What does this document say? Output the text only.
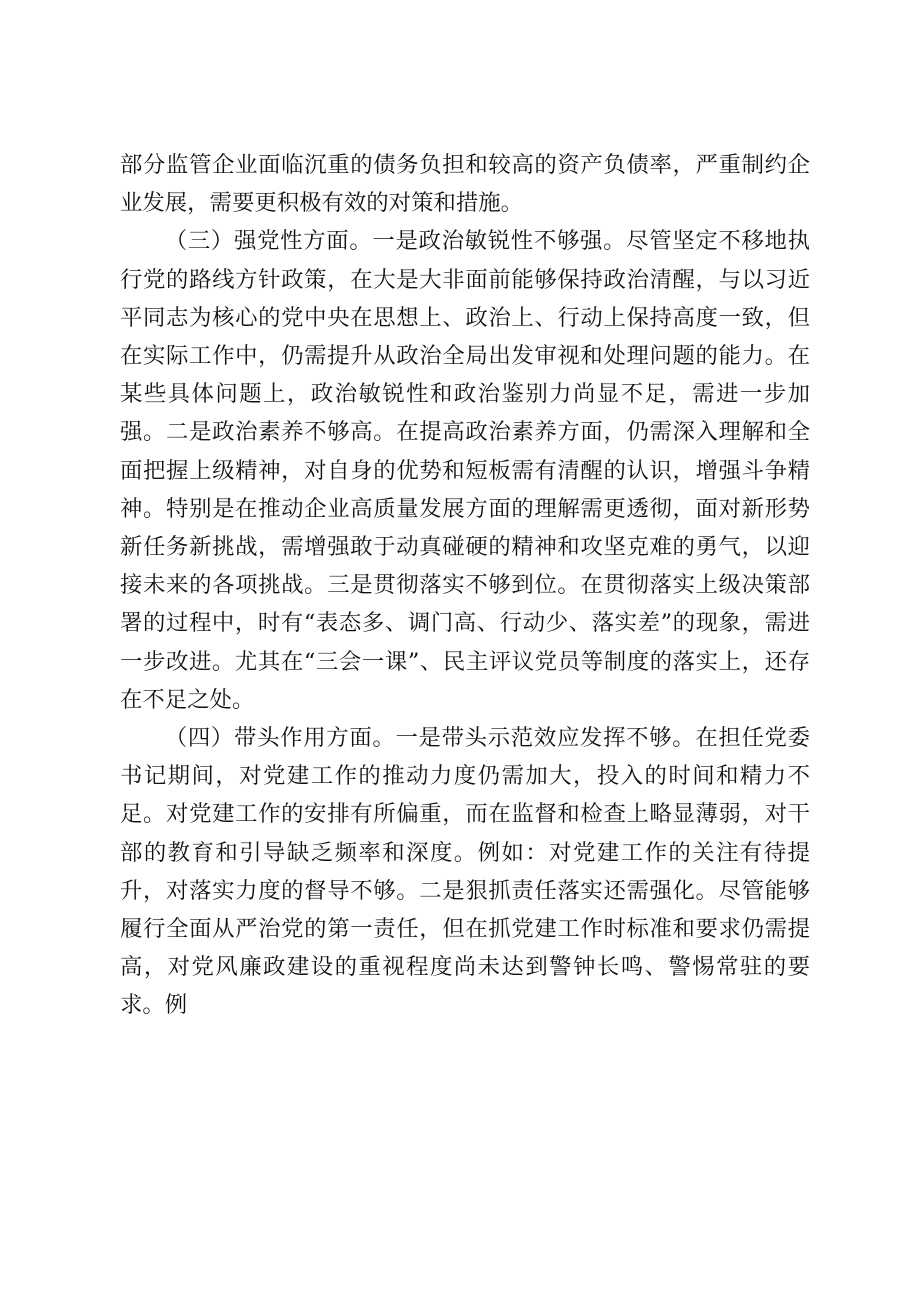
部分监管企业面临沉重的债务负担和较高的资产负债率，严重制约企业发展，需要更积极有效的对策和措施。

（三）强党性方面。一是政治敏锐性不够强。尽管坚定不移地执行党的路线方针政策，在大是大非面前能够保持政治清醒，与以习近平同志为核心的党中央在思想上、政治上、行动上保持高度一致，但在实际工作中，仍需提升从政治全局出发审视和处理问题的能力。在某些具体问题上，政治敏锐性和政治鉴别力尚显不足，需进一步加强。二是政治素养不够高。在提高政治素养方面，仍需深入理解和全面把握上级精神，对自身的优势和短板需有清醒的认识，增强斗争精神。特别是在推动企业高质量发展方面的理解需更透彻，面对新形势新任务新挑战，需增强敢于动真碰硬的精神和攻坚克难的勇气，以迎接未来的各项挑战。三是贯彻落实不够到位。在贯彻落实上级决策部署的过程中，时有“表态多、调门高、行动少、落实差”的现象，需进一步改进。尤其在“三会一课”、民主评议党员等制度的落实上，还存在不足之处。

（四）带头作用方面。一是带头示范效应发挥不够。在担任党委书记期间，对党建工作的推动力度仍需加大，投入的时间和精力不足。对党建工作的安排有所偏重，而在监督和检查上略显薄弱，对干部的教育和引导缺乏频率和深度。例如：对党建工作的关注有待提升，对落实力度的督导不够。二是狠抓责任落实还需强化。尽管能够履行全面从严治党的第一责任，但在抓党建工作时标准和要求仍需提高，对党风廉政建设的重视程度尚未达到警钟长鸣、警惕常驻的要求。例
